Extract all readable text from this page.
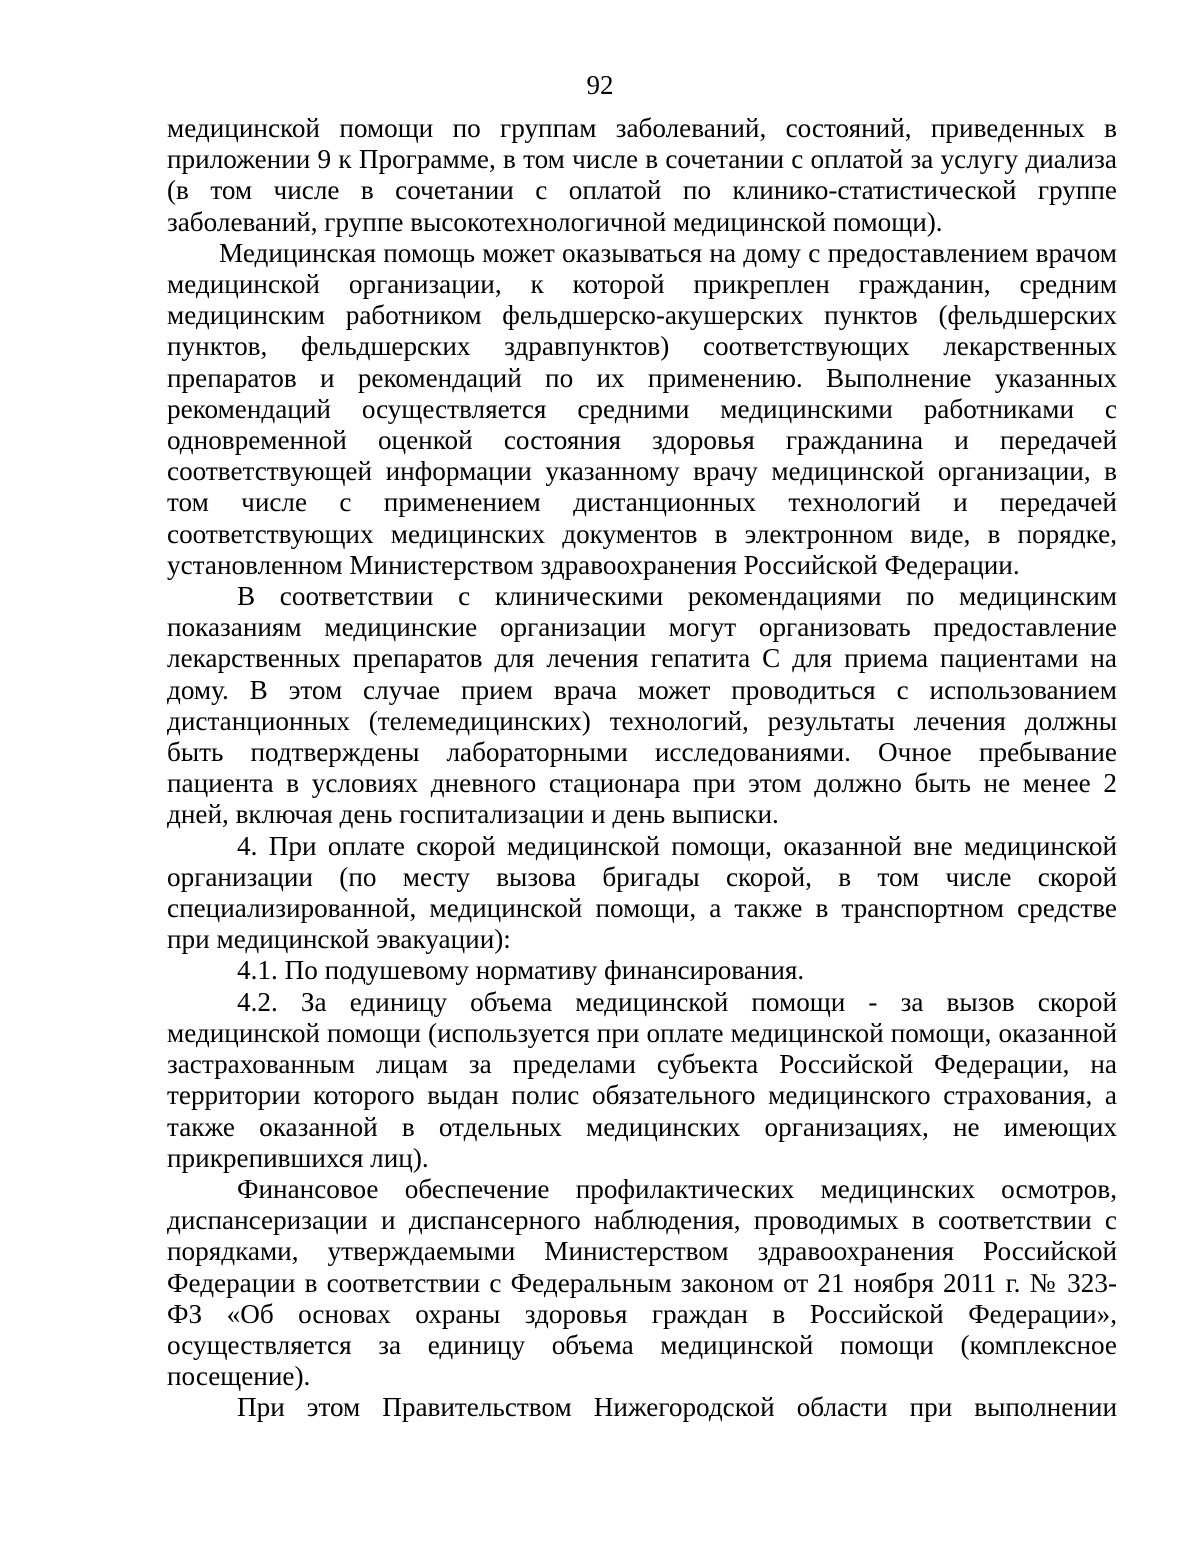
92

медицинской помощи по группам заболеваний, состояний, приведенных в приложении 9 к Программе, в том числе в сочетании с оплатой за услугу диализа (в том числе в сочетании с оплатой по клинико-статистической группе заболеваний, группе высокотехнологичной медицинской помощи).

Медицинская помощь может оказываться на дому с предоставлением врачом медицинской организации, к которой прикреплен гражданин, средним медицинским работником фельдшерско-акушерских пунктов (фельдшерских пунктов, фельдшерских здравпунктов) соответствующих лекарственных препаратов и рекомендаций по их применению. Выполнение указанных рекомендаций осуществляется средними медицинскими работниками с одновременной оценкой состояния здоровья гражданина и передачей соответствующей информации указанному врачу медицинской организации, в том числе с применением дистанционных технологий и передачей соответствующих медицинских документов в электронном виде, в порядке, установленном Министерством здравоохранения Российской Федерации.

В соответствии с клиническими рекомендациями по медицинским показаниям медицинские организации могут организовать предоставление лекарственных препаратов для лечения гепатита С для приема пациентами на дому. В этом случае прием врача может проводиться с использованием дистанционных (телемедицинских) технологий, результаты лечения должны быть подтверждены лабораторными исследованиями. Очное пребывание пациента в условиях дневного стационара при этом должно быть не менее 2 дней, включая день госпитализации и день выписки.

4. При оплате скорой медицинской помощи, оказанной вне медицинской организации (по месту вызова бригады скорой, в том числе скорой специализированной, медицинской помощи, а также в транспортном средстве при медицинской эвакуации):

4.1. По подушевому нормативу финансирования.

4.2. За единицу объема медицинской помощи - за вызов скорой медицинской помощи (используется при оплате медицинской помощи, оказанной застрахованным лицам за пределами субъекта Российской Федерации, на территории которого выдан полис обязательного медицинского страхования, а также оказанной в отдельных медицинских организациях, не имеющих прикрепившихся лиц).

Финансовое обеспечение профилактических медицинских осмотров, диспансеризации и диспансерного наблюдения, проводимых в соответствии с порядками, утверждаемыми Министерством здравоохранения Российской Федерации в соответствии с Федеральным законом от 21 ноября 2011 г. № 323-ФЗ «Об основах охраны здоровья граждан в Российской Федерации», осуществляется за единицу объема медицинской помощи (комплексное посещение).

При этом Правительством Нижегородской области при выполнении
